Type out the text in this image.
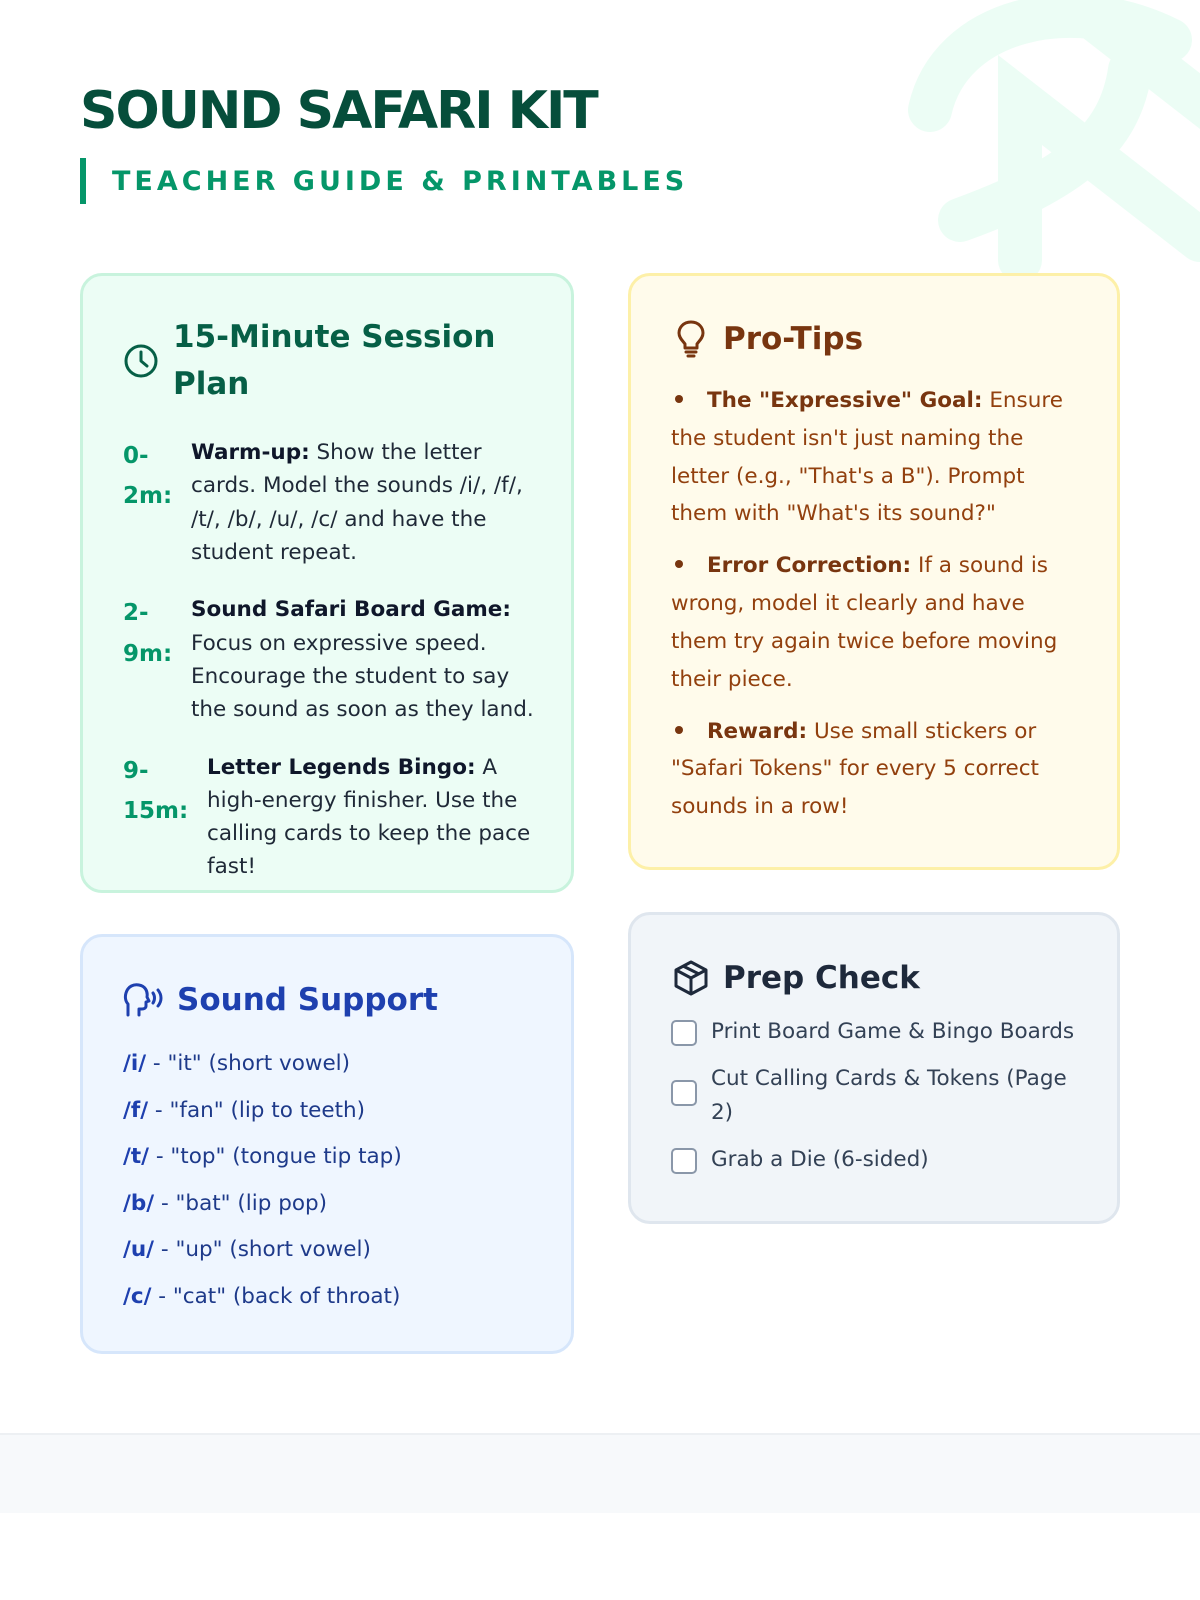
SOUND SAFARI KIT
TEACHER GUIDE & PRINTABLES
15-Minute Session Plan
0-2m:
Warm-up: Show the letter cards. Model the sounds /i/, /f/, /t/, /b/, /u/, /c/ and have the student repeat.
2-9m:
Sound Safari Board Game: Focus on expressive speed. Encourage the student to say the sound as soon as they land.
9-15m:
Letter Legends Bingo: A high-energy finisher. Use the calling cards to keep the pace fast!
Pro-Tips
The "Expressive" Goal: Ensure the student isn't just naming the letter (e.g., "That's a B"). Prompt them with "What's its sound?"
Error Correction: If a sound is wrong, model it clearly and have them try again twice before moving their piece.
Reward: Use small stickers or "Safari Tokens" for every 5 correct sounds in a row!
Sound Support
/i/ - "it" (short vowel)
/f/ - "fan" (lip to teeth)
/t/ - "top" (tongue tip tap)
/b/ - "bat" (lip pop)
/u/ - "up" (short vowel)
/c/ - "cat" (back of throat)
Prep Check
Print Board Game & Bingo Boards
Cut Calling Cards & Tokens (Page 2)
Grab a Die (6-sided)
